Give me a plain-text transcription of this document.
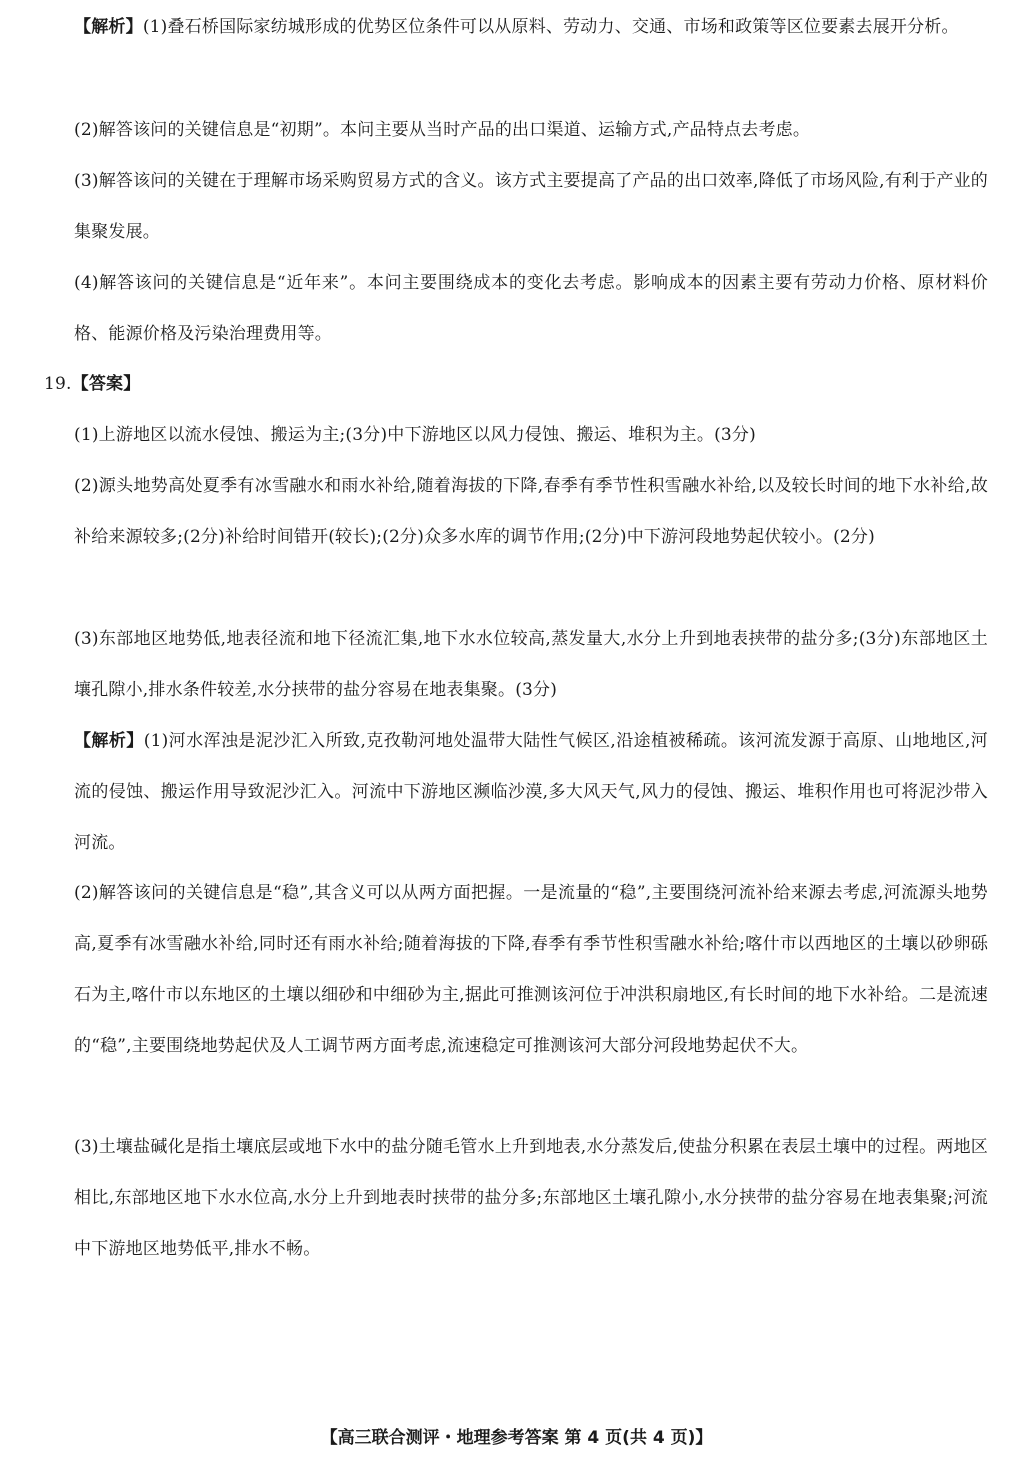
【解析】(1)叠石桥国际家纺城形成的优势区位条件可以从原料、劳动力、交通、市场和政策等区位要素去展开分析。

(2)解答该问的关键信息是“初期”。本问主要从当时产品的出口渠道、运输方式,产品特点去考虑。

(3)解答该问的关键在于理解市场采购贸易方式的含义。该方式主要提高了产品的出口效率,降低了市场风险,有利于产业的集聚发展。

(4)解答该问的关键信息是“近年来”。本问主要围绕成本的变化去考虑。影响成本的因素主要有劳动力价格、原材料价格、能源价格及污染治理费用等。

19.【答案】

(1)上游地区以流水侵蚀、搬运为主;(3分)中下游地区以风力侵蚀、搬运、堆积为主。(3分)

(2)源头地势高处夏季有冰雪融水和雨水补给,随着海拔的下降,春季有季节性积雪融水补给,以及较长时间的地下水补给,故补给来源较多;(2分)补给时间错开(较长);(2分)众多水库的调节作用;(2分)中下游河段地势起伏较小。(2分)

(3)东部地区地势低,地表径流和地下径流汇集,地下水水位较高,蒸发量大,水分上升到地表挟带的盐分多;(3分)东部地区土壤孔隙小,排水条件较差,水分挟带的盐分容易在地表集聚。(3分)

【解析】(1)河水浑浊是泥沙汇入所致,克孜勒河地处温带大陆性气候区,沿途植被稀疏。该河流发源于高原、山地地区,河流的侵蚀、搬运作用导致泥沙汇入。河流中下游地区濒临沙漠,多大风天气,风力的侵蚀、搬运、堆积作用也可将泥沙带入河流。

(2)解答该问的关键信息是“稳”,其含义可以从两方面把握。一是流量的“稳”,主要围绕河流补给来源去考虑,河流源头地势高,夏季有冰雪融水补给,同时还有雨水补给;随着海拔的下降,春季有季节性积雪融水补给;喀什市以西地区的土壤以砂卵砾石为主,喀什市以东地区的土壤以细砂和中细砂为主,据此可推测该河位于冲洪积扇地区,有长时间的地下水补给。二是流速的“稳”,主要围绕地势起伏及人工调节两方面考虑,流速稳定可推测该河大部分河段地势起伏不大。

(3)土壤盐碱化是指土壤底层或地下水中的盐分随毛管水上升到地表,水分蒸发后,使盐分积累在表层土壤中的过程。两地区相比,东部地区地下水水位高,水分上升到地表时挟带的盐分多;东部地区土壤孔隙小,水分挟带的盐分容易在地表集聚;河流中下游地区地势低平,排水不畅。

【高三联合测评・地理参考答案 第 4 页(共 4 页)】
